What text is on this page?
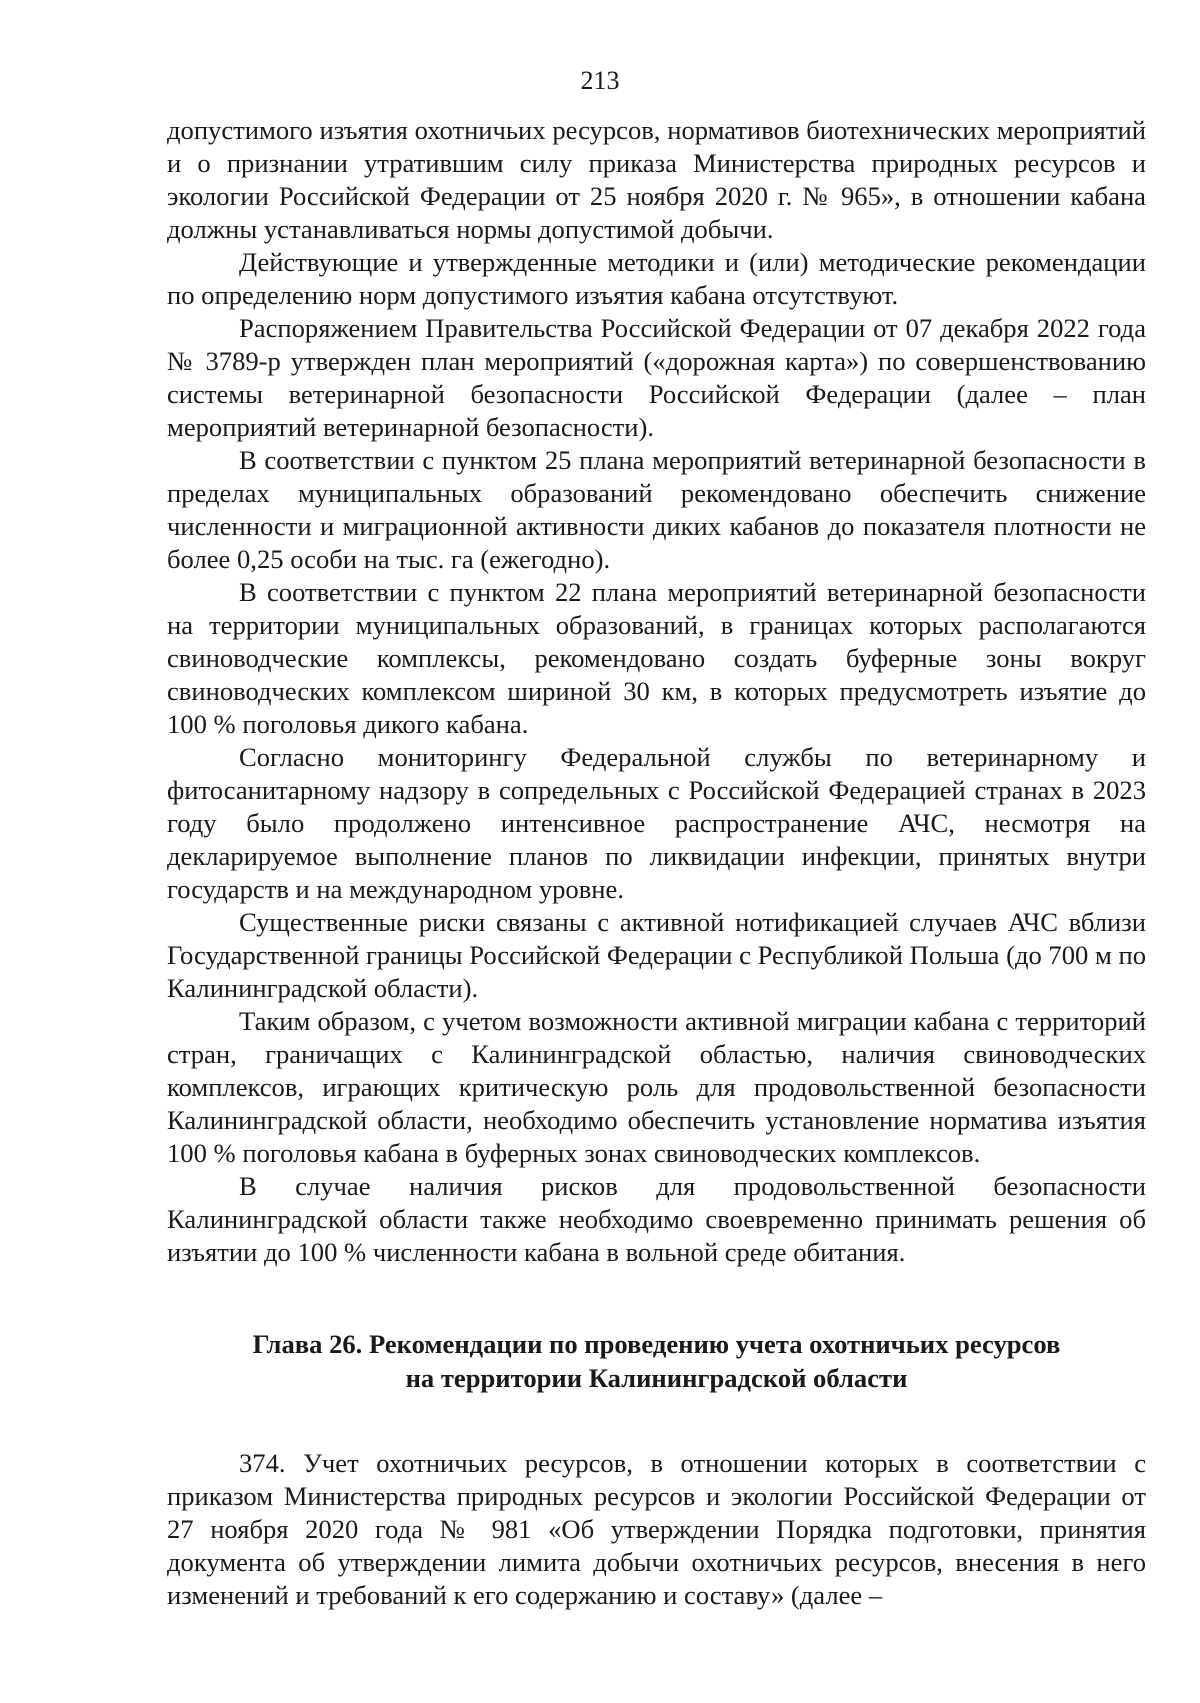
213

допустимого изъятия охотничьих ресурсов, нормативов биотехнических мероприятий и о признании утратившим силу приказа Министерства природных ресурсов и экологии Российской Федерации от 25 ноября 2020 г. № 965», в отношении кабана должны устанавливаться нормы допустимой добычи.

Действующие и утвержденные методики и (или) методические рекомендации по определению норм допустимого изъятия кабана отсутствуют.

Распоряжением Правительства Российской Федерации от 07 декабря 2022 года № 3789-р утвержден план мероприятий («дорожная карта») по совершенствованию системы ветеринарной безопасности Российской Федерации (далее – план мероприятий ветеринарной безопасности).

В соответствии с пунктом 25 плана мероприятий ветеринарной безопасности в пределах муниципальных образований рекомендовано обеспечить снижение численности и миграционной активности диких кабанов до показателя плотности не более 0,25 особи на тыс. га (ежегодно).

В соответствии с пунктом 22 плана мероприятий ветеринарной безопасности на территории муниципальных образований, в границах которых располагаются свиноводческие комплексы, рекомендовано создать буферные зоны вокруг свиноводческих комплексом шириной 30 км, в которых предусмотреть изъятие до 100 % поголовья дикого кабана.

Согласно мониторингу Федеральной службы по ветеринарному и фитосанитарному надзору в сопредельных с Российской Федерацией странах в 2023 году было продолжено интенсивное распространение АЧС, несмотря на декларируемое выполнение планов по ликвидации инфекции, принятых внутри государств и на международном уровне.

Существенные риски связаны с активной нотификацией случаев АЧС вблизи Государственной границы Российской Федерации с Республикой Польша (до 700 м по Калининградской области).

Таким образом, с учетом возможности активной миграции кабана с территорий стран, граничащих с Калининградской областью, наличия свиноводческих комплексов, играющих критическую роль для продовольственной безопасности Калининградской области, необходимо обеспечить установление норматива изъятия 100 % поголовья кабана в буферных зонах свиноводческих комплексов.

В случае наличия рисков для продовольственной безопасности Калининградской области также необходимо своевременно принимать решения об изъятии до 100 % численности кабана в вольной среде обитания.

Глава 26. Рекомендации по проведению учета охотничьих ресурсов
на территории Калининградской области

374. Учет охотничьих ресурсов, в отношении которых в соответствии с приказом Министерства природных ресурсов и экологии Российской Федерации от 27 ноября 2020 года № 981 «Об утверждении Порядка подготовки, принятия документа об утверждении лимита добычи охотничьих ресурсов, внесения в него изменений и требований к его содержанию и составу» (далее –
